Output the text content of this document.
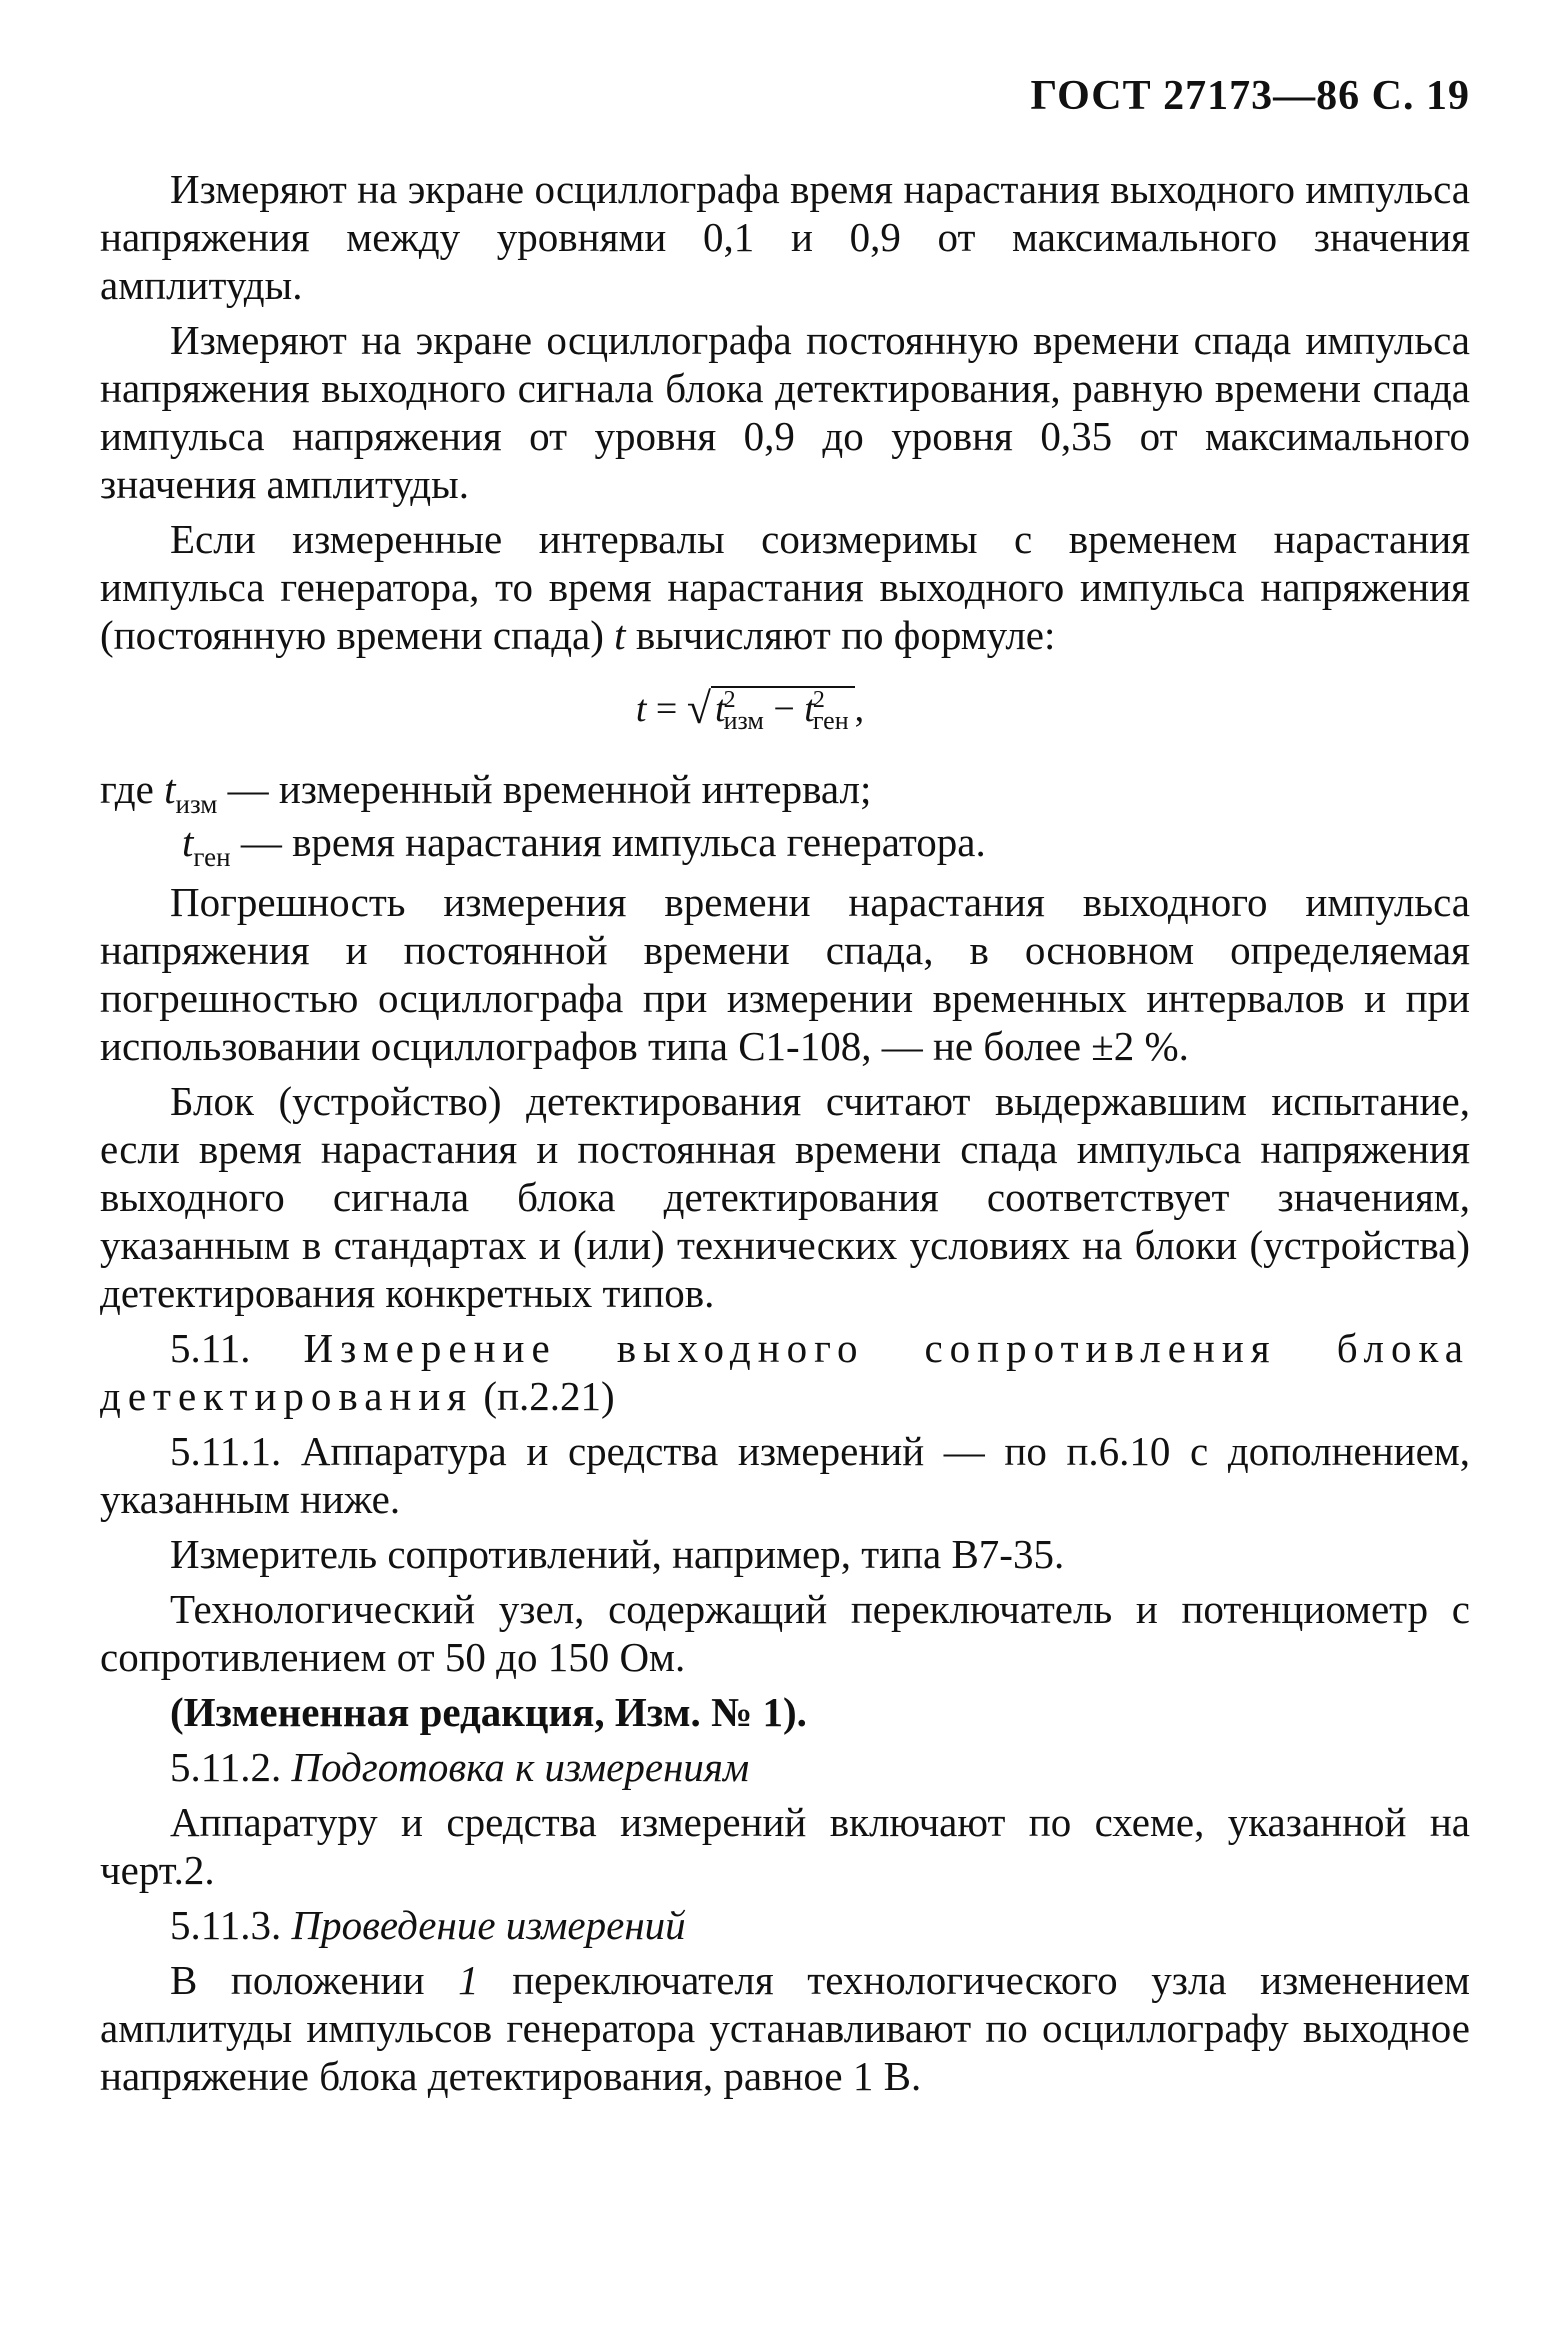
ГОСТ 27173—86 С. 19

Измеряют на экране осциллографа время нарастания выходного импульса напряжения между уровнями 0,1 и 0,9 от максимального значения амплитуды.

Измеряют на экране осциллографа постоянную времени спада импульса напряжения выходного сигнала блока детектирования, равную времени спада импульса напряжения от уровня 0,9 до уровня 0,35 от максимального значения амплитуды.

Если измеренные интервалы соизмеримы с временем нарастания импульса генератора, то время нарастания выходного импульса напряжения (постоянную времени спада) t вычисляют по формуле:

t = √ $t^2_{изм} - t^2_{ген}$ ,

где $t_{изм}$ — измеренный временной интервал;

$t_{ген}$ — время нарастания импульса генератора.

Погрешность измерения времени нарастания выходного импульса напряжения и постоянной времени спада, в основном определяемая погрешностью осциллографа при измерении временных интервалов и при использовании осциллографов типа С1-108, — не более ±2 %.

Блок (устройство) детектирования считают выдержавшим испытание, если время нарастания и постоянная времени спада импульса напряжения выходного сигнала блока детектирования соответствует значениям, указанным в стандартах и (или) технических условиях на блоки (устройства) детектирования конкретных типов.

5.11. Измерение выходного сопротивления блока детектирования (п.2.21)

5.11.1. Аппаратура и средства измерений — по п.6.10 с дополнением, указанным ниже.

Измеритель сопротивлений, например, типа В7-35.

Технологический узел, содержащий переключатель и потенциометр с сопротивлением от 50 до 150 Ом.

(Измененная редакция, Изм. № 1).

5.11.2. Подготовка к измерениям

Аппаратуру и средства измерений включают по схеме, указанной на черт.2.

5.11.3. Проведение измерений

В положении 1 переключателя технологического узла изменением амплитуды импульсов генератора устанавливают по осциллографу выходное напряжение блока детектирования, равное 1 В.
